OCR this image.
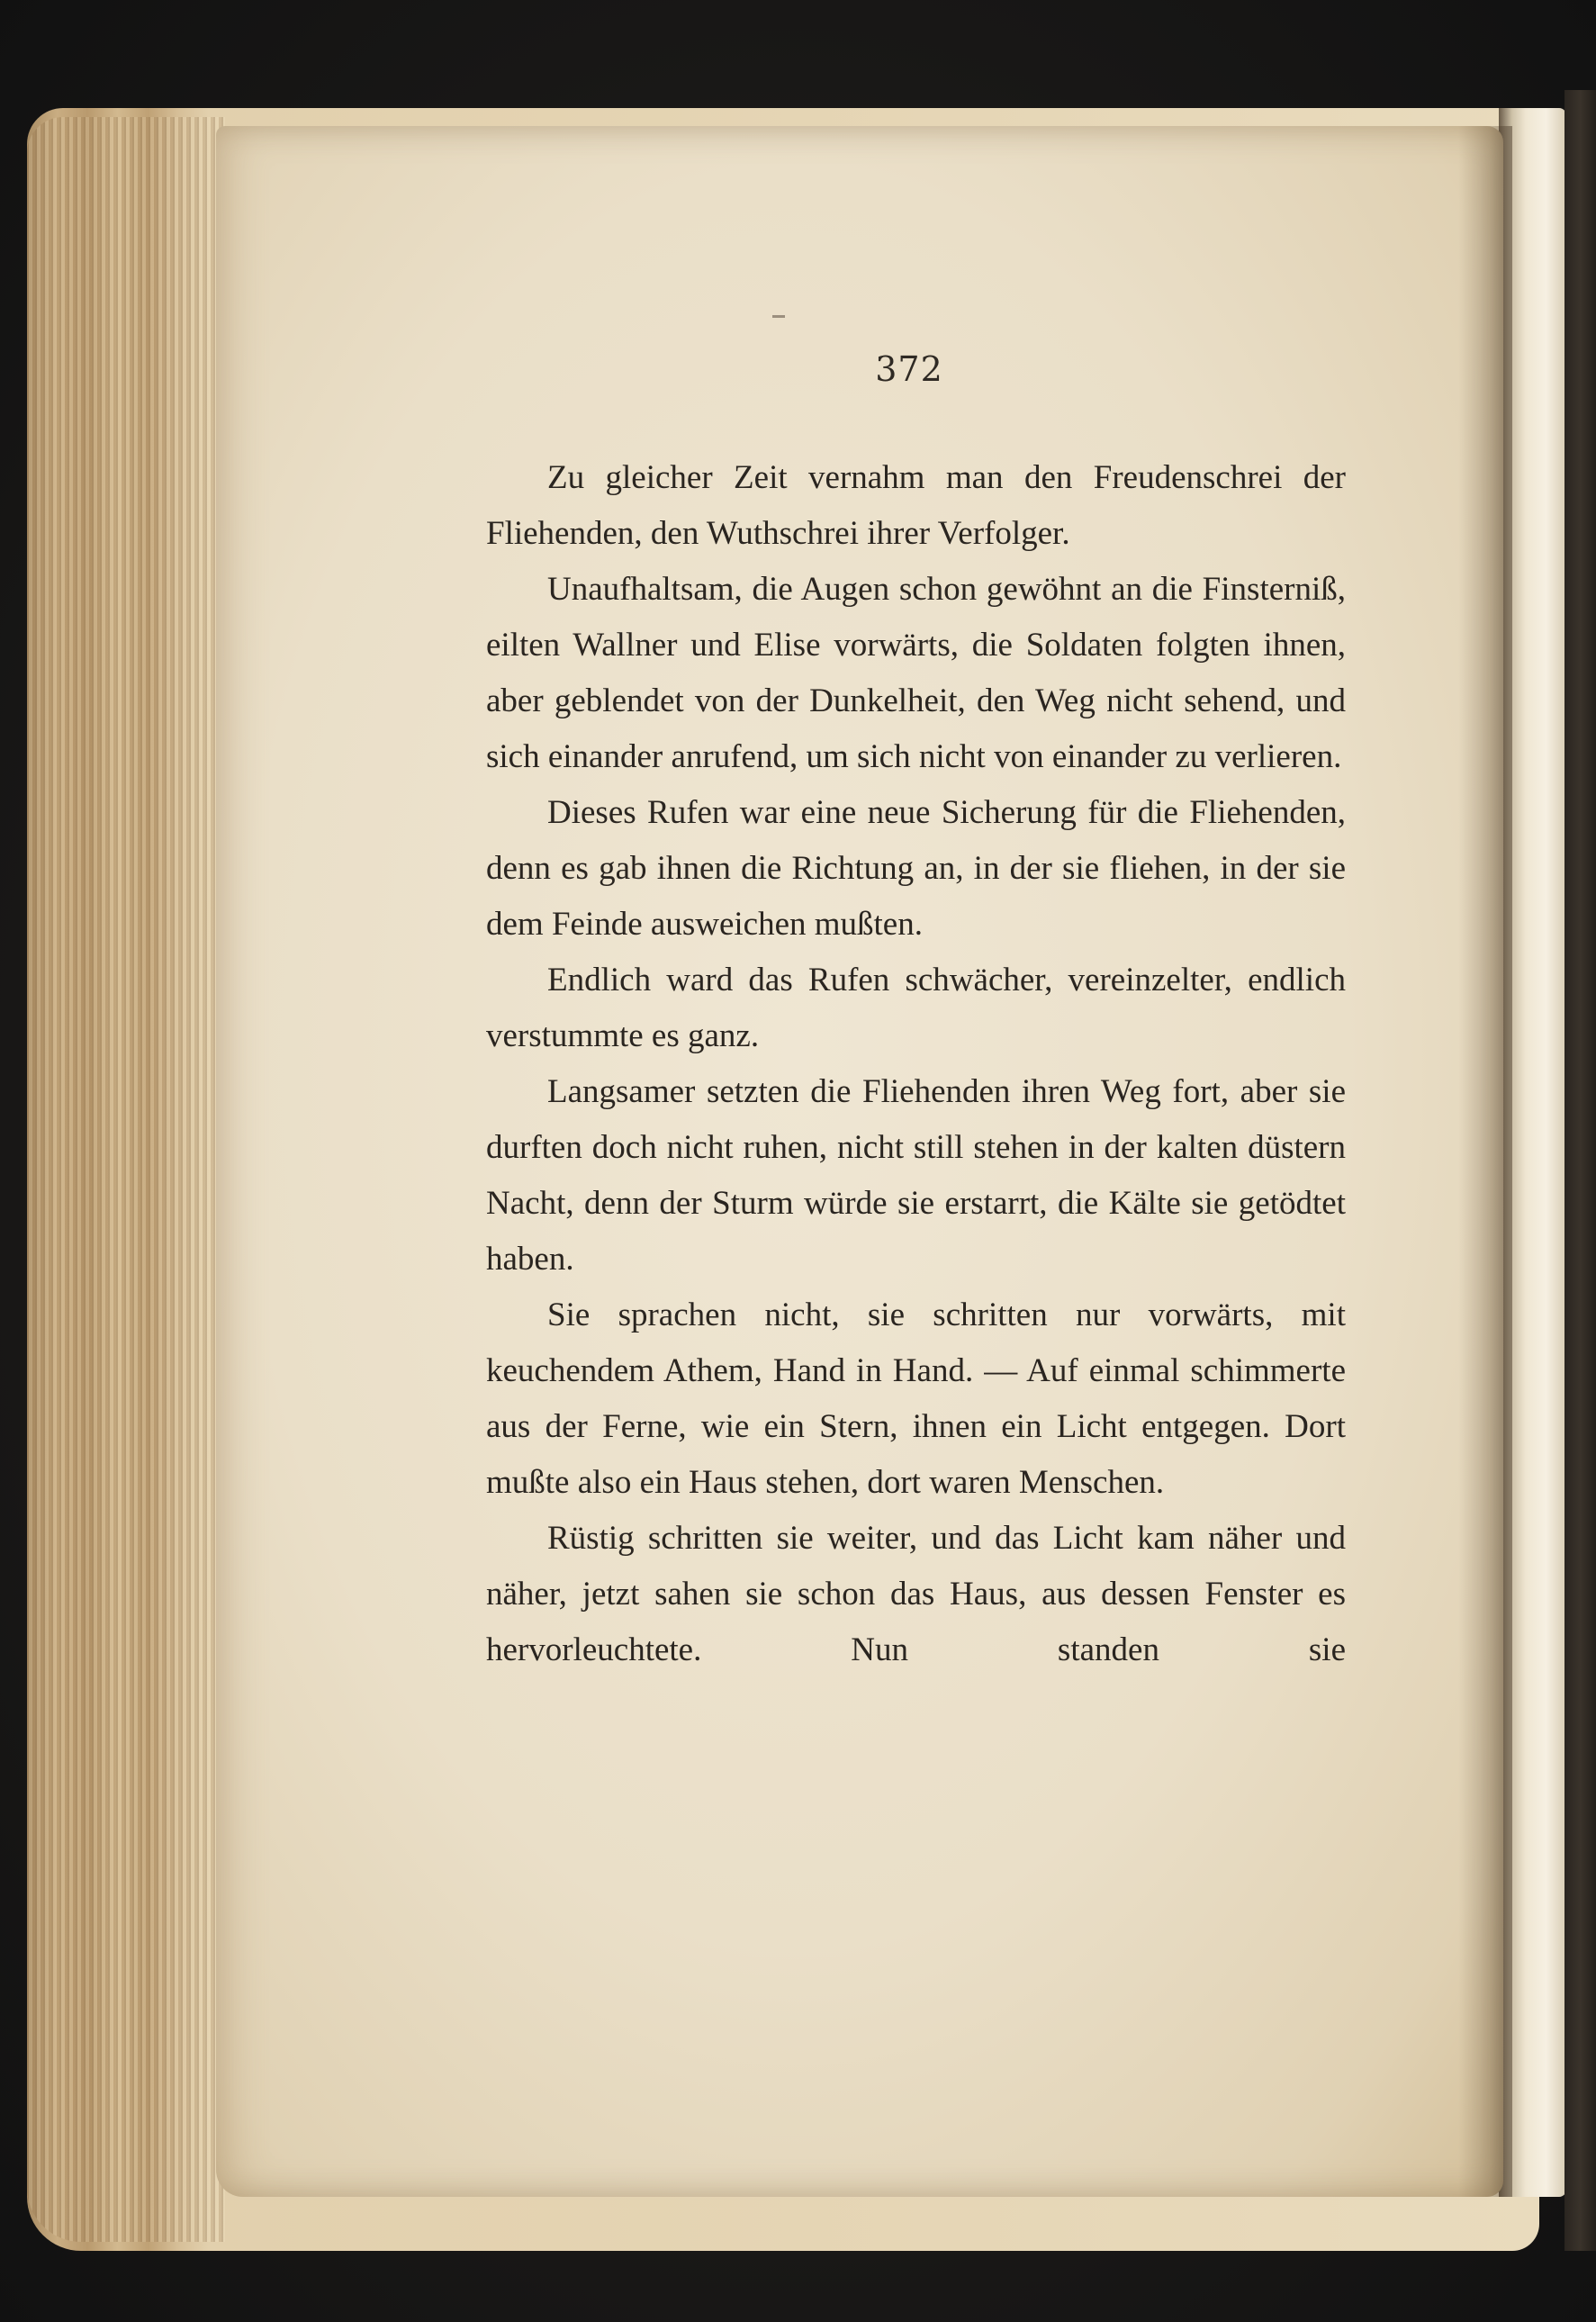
372

Zu gleicher Zeit vernahm man den Freudenschrei der Fliehenden, den Wuthschrei ihrer Verfolger.

Unaufhaltsam, die Augen schon gewöhnt an die Finsterniß, eilten Wallner und Elise vorwärts, die Soldaten folgten ihnen, aber geblendet von der Dunkelheit, den Weg nicht sehend, und sich einander anrufend, um sich nicht von einander zu verlieren.

Dieses Rufen war eine neue Sicherung für die Fliehenden, denn es gab ihnen die Richtung an, in der sie fliehen, in der sie dem Feinde ausweichen mußten.

Endlich ward das Rufen schwächer, vereinzelter, endlich verstummte es ganz.

Langsamer setzten die Fliehenden ihren Weg fort, aber sie durften doch nicht ruhen, nicht still stehen in der kalten düstern Nacht, denn der Sturm würde sie erstarrt, die Kälte sie getödtet haben.

Sie sprachen nicht, sie schritten nur vorwärts, mit keuchendem Athem, Hand in Hand. — Auf einmal schimmerte aus der Ferne, wie ein Stern, ihnen ein Licht entgegen. Dort mußte also ein Haus stehen, dort waren Menschen.

Rüstig schritten sie weiter, und das Licht kam näher und näher, jetzt sahen sie schon das Haus, aus dessen Fenster es hervorleuchtete. Nun standen sie
